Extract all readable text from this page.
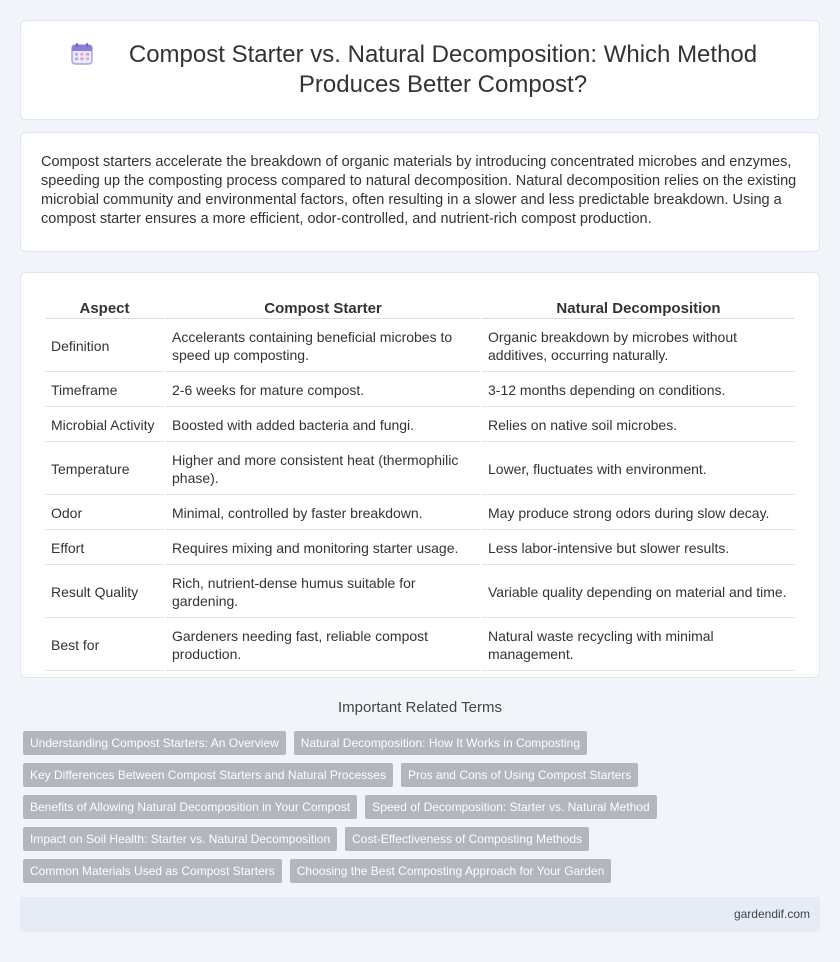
Compost Starter vs. Natural Decomposition: Which Method Produces Better Compost?

Compost starters accelerate the breakdown of organic materials by introducing concentrated microbes and enzymes, speeding up the composting process compared to natural decomposition. Natural decomposition relies on the existing microbial community and environmental factors, often resulting in a slower and less predictable breakdown. Using a compost starter ensures a more efficient, odor-controlled, and nutrient-rich compost production.

Aspect	Compost Starter	Natural Decomposition
Definition	Accelerants containing beneficial microbes to speed up composting.	Organic breakdown by microbes without additives, occurring naturally.
Timeframe	2-6 weeks for mature compost.	3-12 months depending on conditions.
Microbial Activity	Boosted with added bacteria and fungi.	Relies on native soil microbes.
Temperature	Higher and more consistent heat (thermophilic phase).	Lower, fluctuates with environment.
Odor	Minimal, controlled by faster breakdown.	May produce strong odors during slow decay.
Effort	Requires mixing and monitoring starter usage.	Less labor-intensive but slower results.
Result Quality	Rich, nutrient-dense humus suitable for gardening.	Variable quality depending on material and time.
Best for	Gardeners needing fast, reliable compost production.	Natural waste recycling with minimal management.
Important Related Terms
Understanding Compost Starters: An Overview	Natural Decomposition: How It Works in Composting
Key Differences Between Compost Starters and Natural Processes	Pros and Cons of Using Compost Starters
Benefits of Allowing Natural Decomposition in Your Compost	Speed of Decomposition: Starter vs. Natural Method
Impact on Soil Health: Starter vs. Natural Decomposition	Cost-Effectiveness of Composting Methods
Common Materials Used as Compost Starters	Choosing the Best Composting Approach for Your Garden
gardendif.com
